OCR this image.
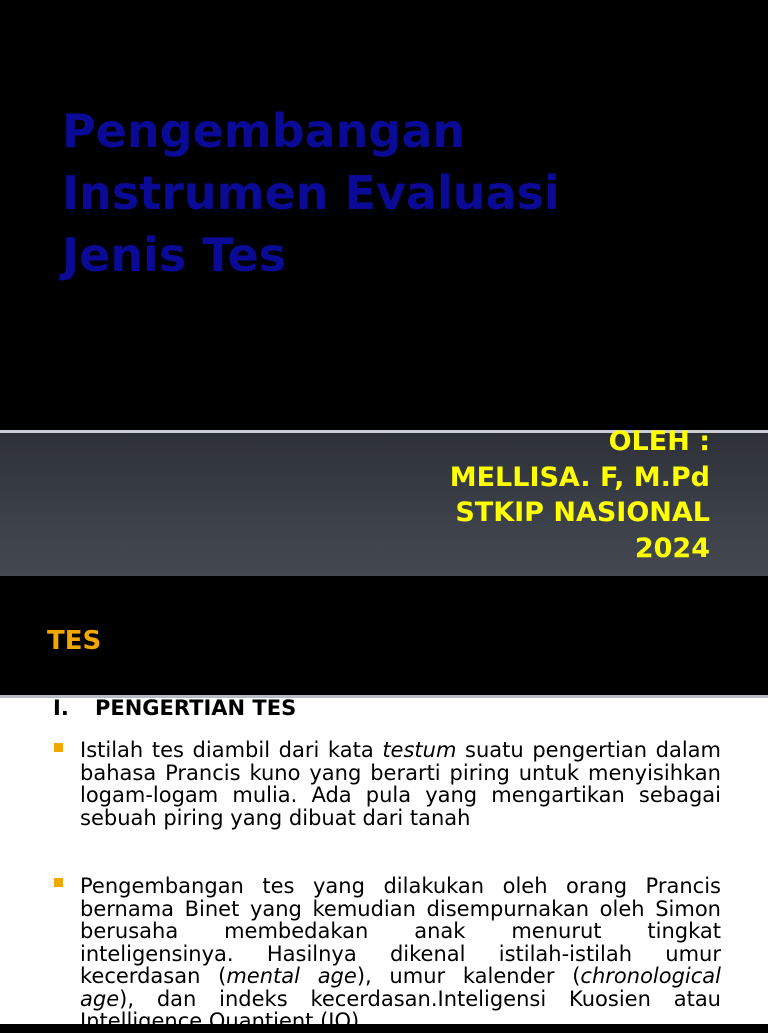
Pengembangan
Instrumen Evaluasi
Jenis Tes

OLEH :
MELLISA. F, M.Pd
STKIP NASIONAL
2024

TES

I. PENGERTIAN TES

Istilah tes diambil dari kata testum suatu pengertian dalam bahasa Prancis kuno yang berarti piring untuk menyisihkan logam-logam mulia. Ada pula yang mengartikan sebagai sebuah piring yang dibuat dari tanah

Pengembangan tes yang dilakukan oleh orang Prancis bernama Binet yang kemudian disempurnakan oleh Simon berusaha membedakan anak menurut tingkat inteligensinya. Hasilnya dikenal istilah-istilah umur kecerdasan (mental age), umur kalender (chronological age), dan indeks kecerdasan.Inteligensi Kuosien atau Intelligence Quantient (IQ)
